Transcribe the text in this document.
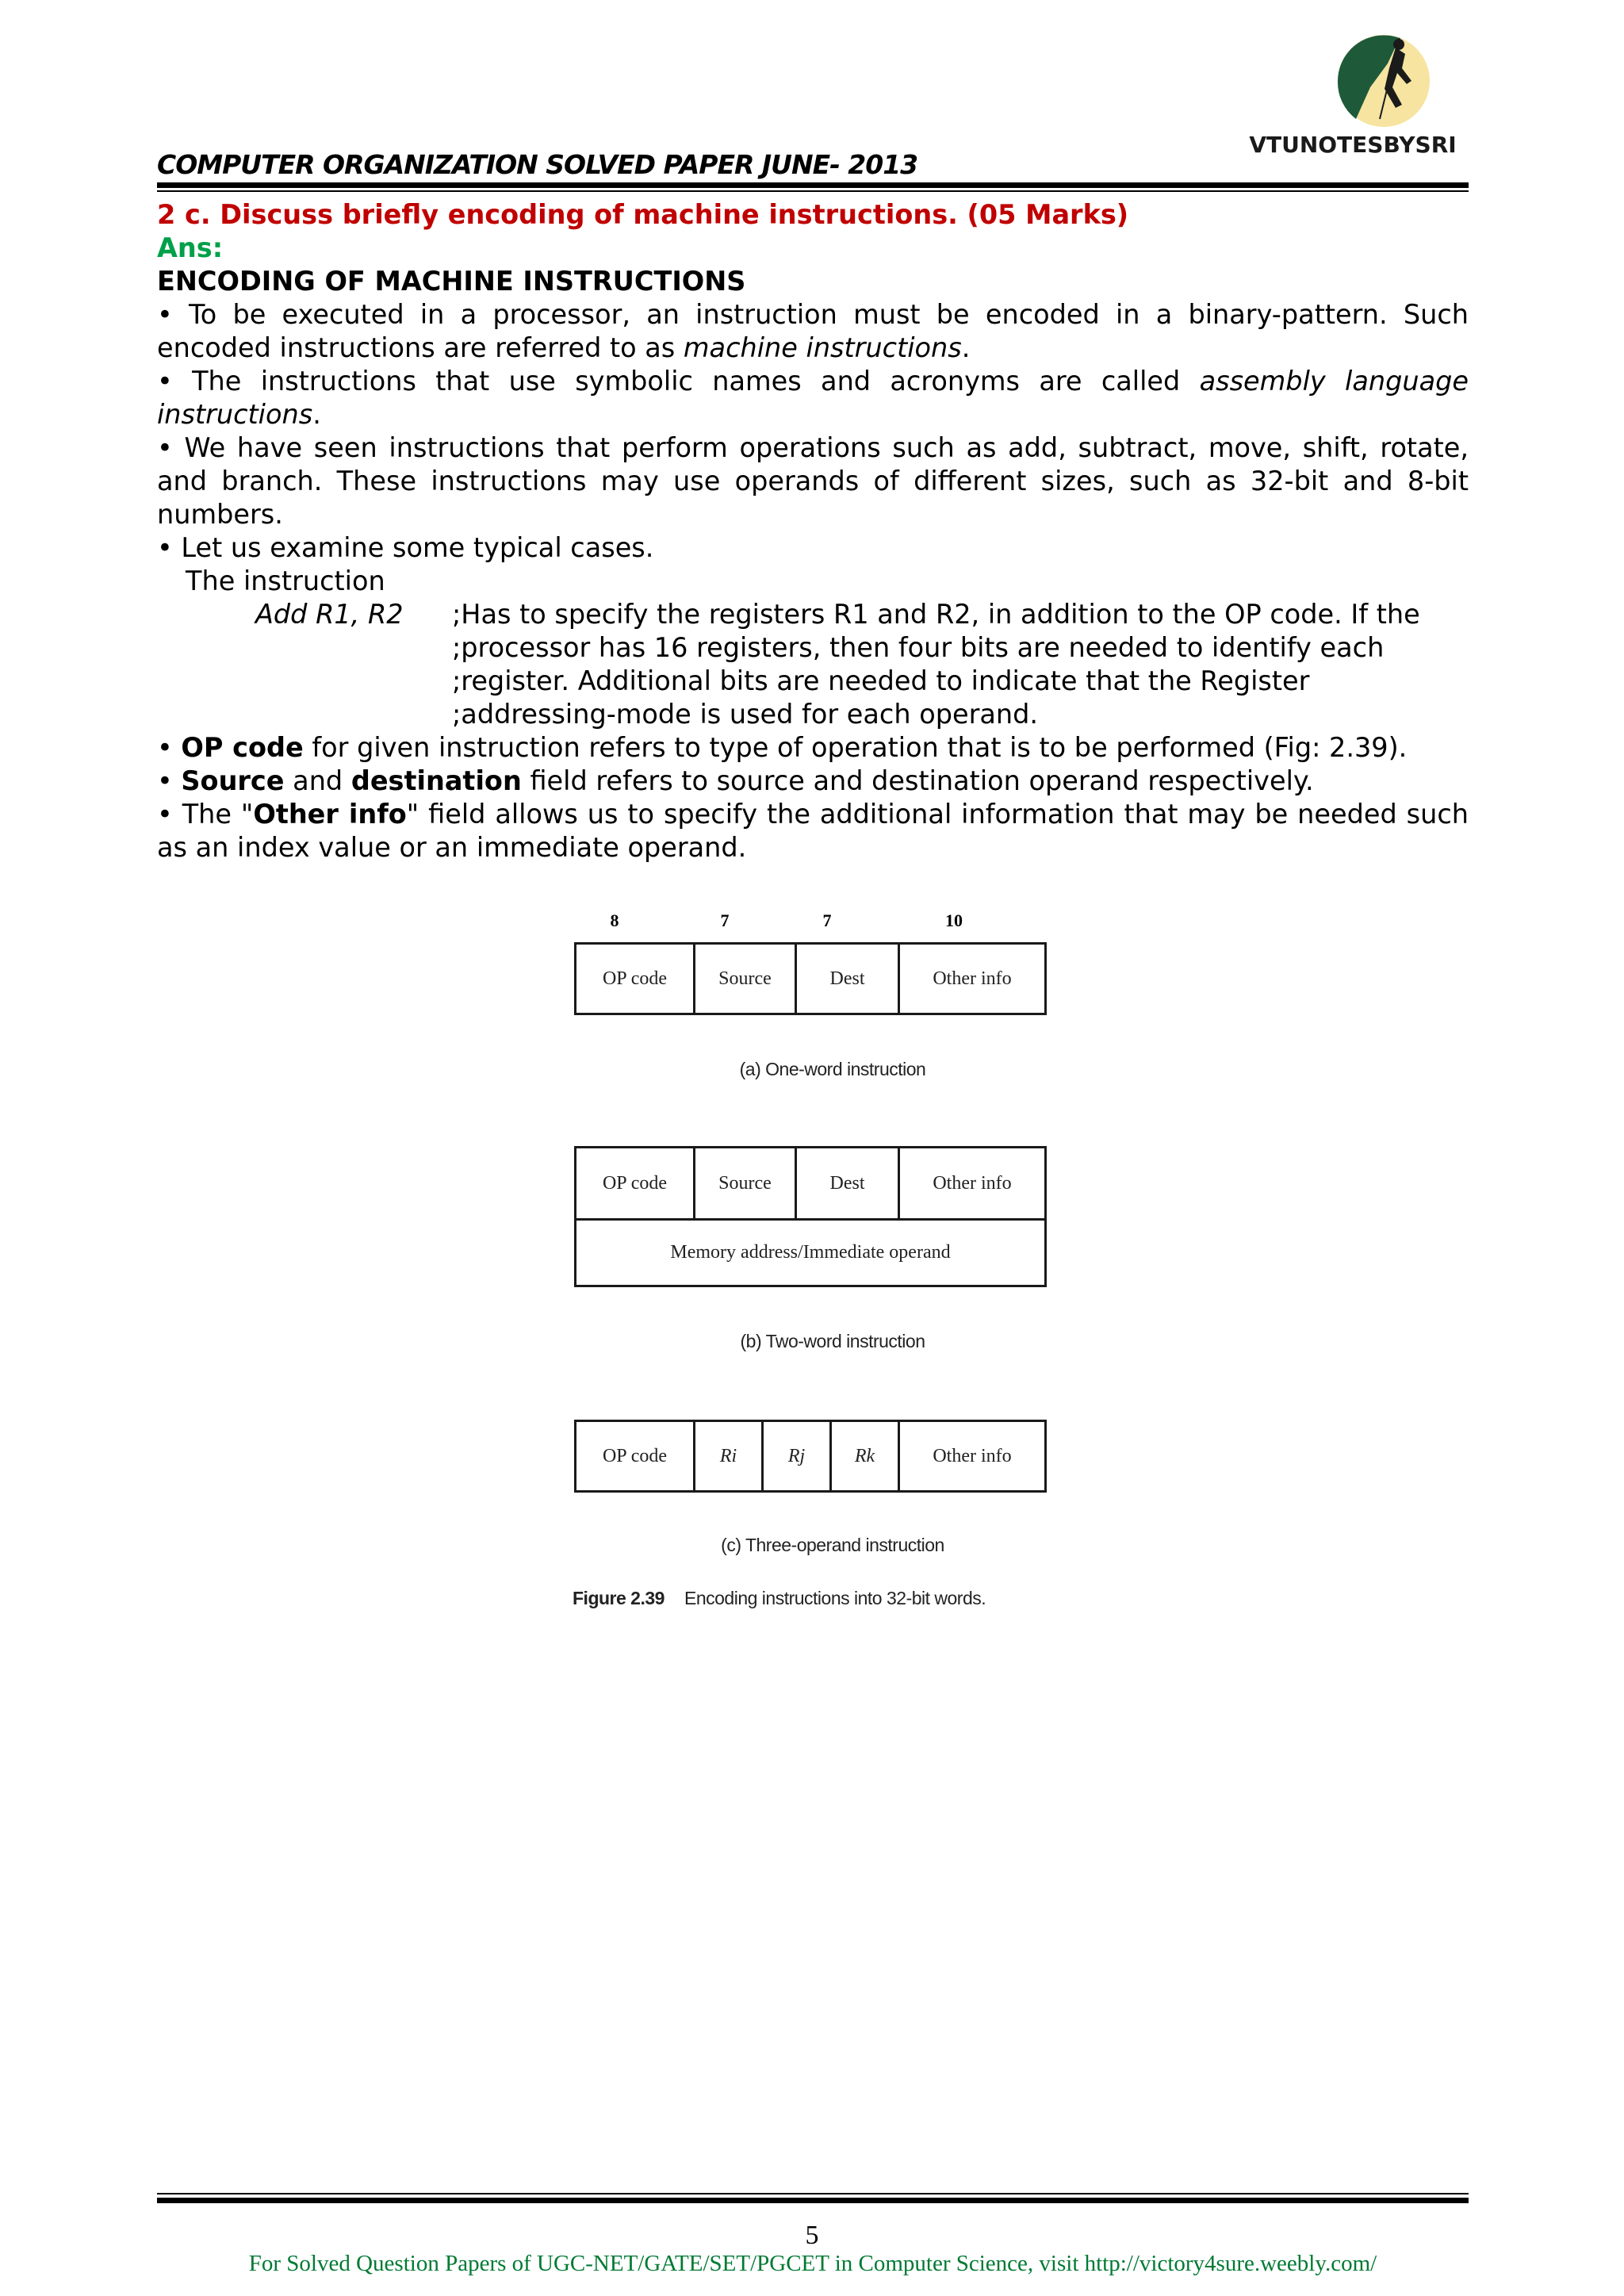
VTUNOTESBYSRI
COMPUTER ORGANIZATION SOLVED PAPER JUNE- 2013

2 c. Discuss briefly encoding of machine instructions. (05 Marks)

Ans:

ENCODING OF MACHINE INSTRUCTIONS

• To be executed in a processor, an instruction must be encoded in a binary-pattern. Such encoded instructions are referred to as machine instructions.

• The instructions that use symbolic names and acronyms are called assembly language instructions.

• We have seen instructions that perform operations such as add, subtract, move, shift, rotate, and branch. These instructions may use operands of different sizes, such as 32-bit and 8-bit numbers.

• Let us examine some typical cases.

The instruction

Add R1, R2	;Has to specify the registers R1 and R2, in addition to the OP code. If the

;processor has 16 registers, then four bits are needed to identify each

;register. Additional bits are needed to indicate that the Register

;addressing-mode is used for each operand.

• OP code for given instruction refers to type of operation that is to be performed (Fig: 2.39).

• Source and destination field refers to source and destination operand respectively.

• The "Other info" field allows us to specify the additional information that may be needed such as an index value or an immediate operand.

8	7	7	10
OP code	Source	Dest	Other info
(a) One-word instruction
OP code	Source	Dest	Other info
Memory address/Immediate operand
(b) Two-word instruction
OP code	Ri	Rj	Rk	Other info
(c) Three-operand instruction
Figure 2.39 Encoding instructions into 32-bit words.
5
For Solved Question Papers of UGC-NET/GATE/SET/PGCET in Computer Science, visit http://victory4sure.weebly.com/
